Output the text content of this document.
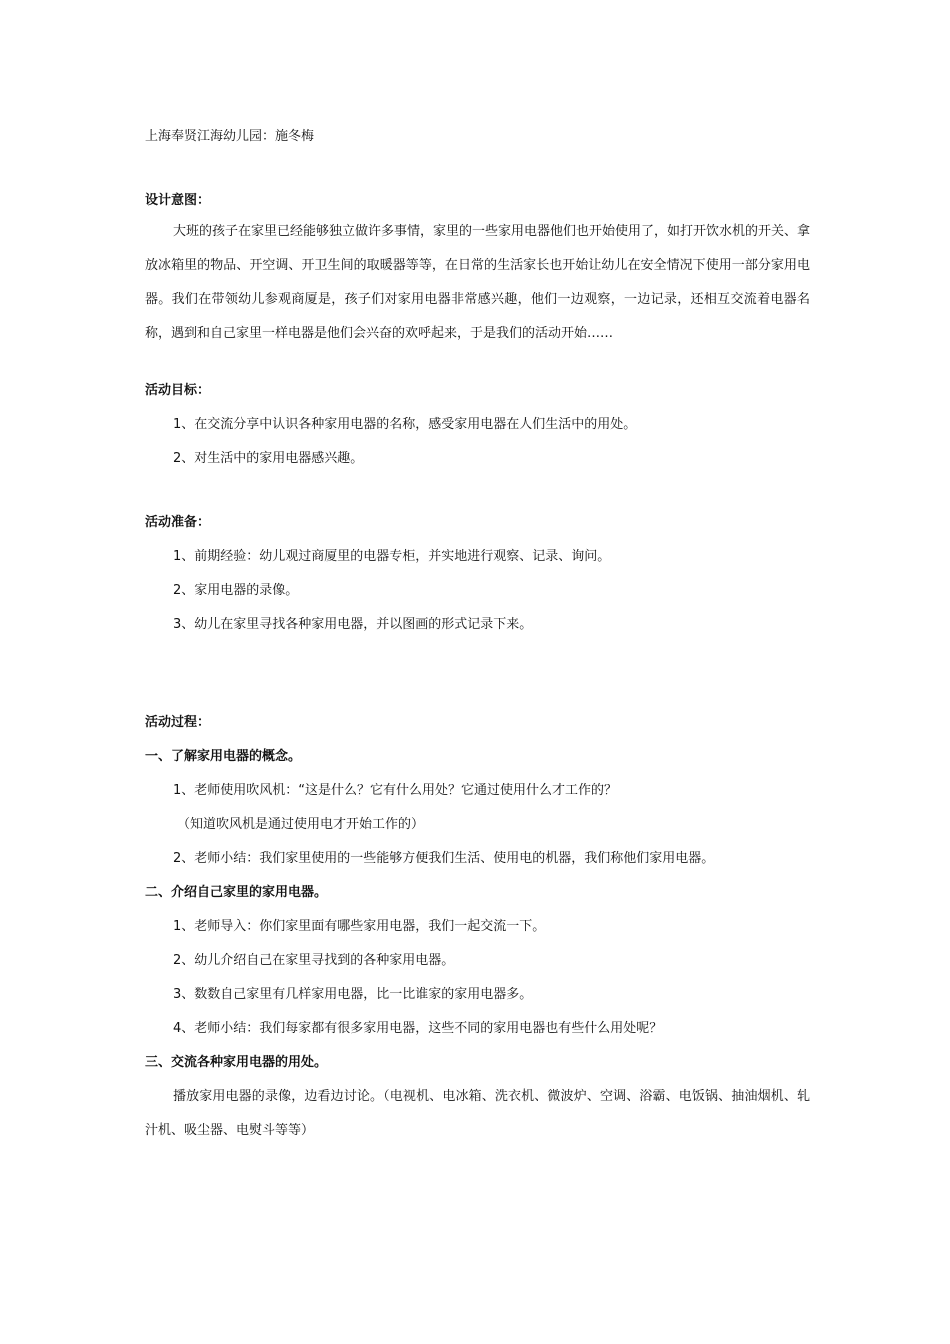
上海奉贤江海幼儿园：施冬梅
设计意图：
大班的孩子在家里已经能够独立做许多事情，家里的一些家用电器他们也开始使用了，如打开饮水机的开关、拿放冰箱里的物品、开空调、开卫生间的取暖器等等，在日常的生活家长也开始让幼儿在安全情况下使用一部分家用电器。我们在带领幼儿参观商厦是，孩子们对家用电器非常感兴趣，他们一边观察，一边记录，还相互交流着电器名称，遇到和自己家里一样电器是他们会兴奋的欢呼起来，于是我们的活动开始……
活动目标：
1、在交流分享中认识各种家用电器的名称，感受家用电器在人们生活中的用处。
2、对生活中的家用电器感兴趣。
活动准备：
1、前期经验：幼儿观过商厦里的电器专柜，并实地进行观察、记录、询问。
2、家用电器的录像。
3、幼儿在家里寻找各种家用电器，并以图画的形式记录下来。
活动过程：
一、了解家用电器的概念。
1、老师使用吹风机：“这是什么？它有什么用处？它通过使用什么才工作的？
（知道吹风机是通过使用电才开始工作的）
2、老师小结：我们家里使用的一些能够方便我们生活、使用电的机器，我们称他们家用电器。
二、介绍自己家里的家用电器。
1、老师导入：你们家里面有哪些家用电器，我们一起交流一下。
2、幼儿介绍自己在家里寻找到的各种家用电器。
3、数数自己家里有几样家用电器，比一比谁家的家用电器多。
4、老师小结：我们每家都有很多家用电器，这些不同的家用电器也有些什么用处呢？
三、交流各种家用电器的用处。
播放家用电器的录像，边看边讨论。（电视机、电冰箱、洗衣机、微波炉、空调、浴霸、电饭锅、抽油烟机、轧汁机、吸尘器、电熨斗等等）
